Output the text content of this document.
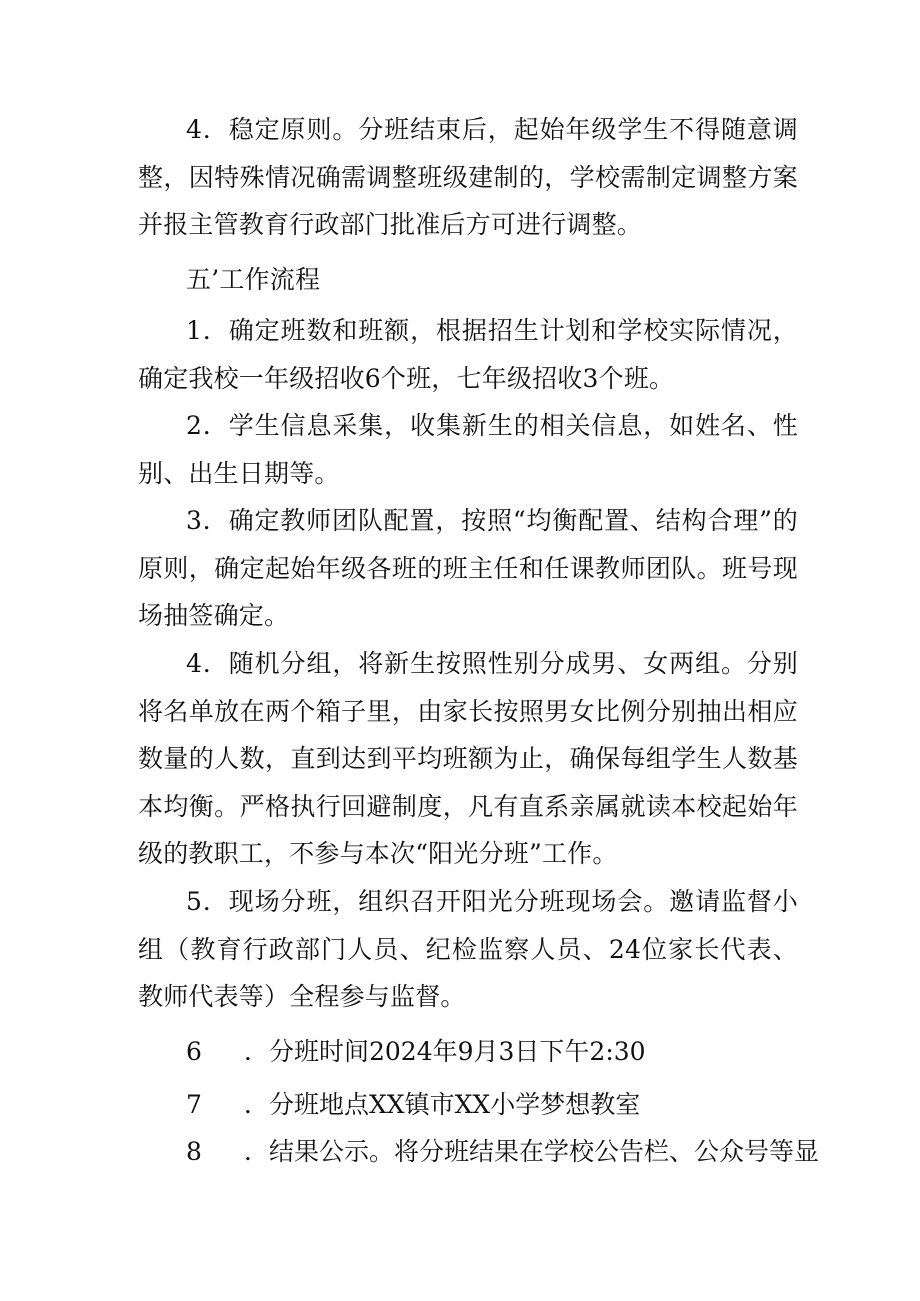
4．稳定原则。分班结束后，起始年级学生不得随意调整，因特殊情况确需调整班级建制的，学校需制定调整方案并报主管教育行政部门批准后方可进行调整。

五’工作流程

1．确定班数和班额，根据招生计划和学校实际情况，确定我校一年级招收6个班，七年级招收3个班。

2．学生信息采集，收集新生的相关信息，如姓名、性别、出生日期等。

3．确定教师团队配置，按照“均衡配置、结构合理”的原则，确定起始年级各班的班主任和任课教师团队。班号现场抽签确定。

4．随机分组，将新生按照性别分成男、女两组。分别将名单放在两个箱子里，由家长按照男女比例分别抽出相应数量的人数，直到达到平均班额为止，确保每组学生人数基本均衡。严格执行回避制度，凡有直系亲属就读本校起始年级的教职工，不参与本次“阳光分班”工作。

5．现场分班，组织召开阳光分班现场会。邀请监督小组（教育行政部门人员、纪检监察人员、24位家长代表、教师代表等）全程参与监督。

6 ．分班时间2024年9月3日下午2:30

7 ．分班地点XX镇市XX小学梦想教室

8 ．结果公示。将分班结果在学校公告栏、公众号等显
